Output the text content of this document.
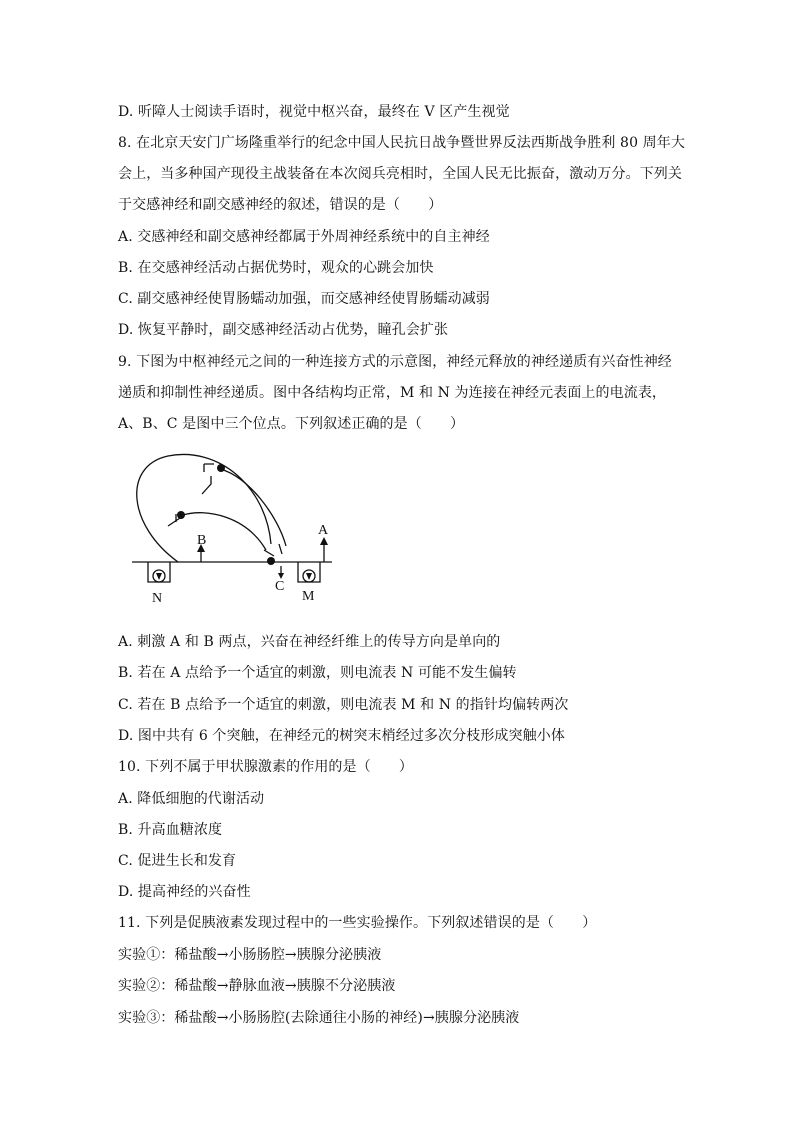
D. 听障人士阅读手语时，视觉中枢兴奋，最终在 V 区产生视觉
8. 在北京天安门广场隆重举行的纪念中国人民抗日战争暨世界反法西斯战争胜利 80 周年大
会上，当多种国产现役主战装备在本次阅兵亮相时，全国人民无比振奋，激动万分。下列关
于交感神经和副交感神经的叙述，错误的是（　　）
A. 交感神经和副交感神经都属于外周神经系统中的自主神经
B. 在交感神经活动占据优势时，观众的心跳会加快
C. 副交感神经使胃肠蠕动加强，而交感神经使胃肠蠕动减弱
D. 恢复平静时，副交感神经活动占优势，瞳孔会扩张
9. 下图为中枢神经元之间的一种连接方式的示意图，神经元释放的神经递质有兴奋性神经
递质和抑制性神经递质。图中各结构均正常，M 和 N 为连接在神经元表面上的电流表，
A、B、C 是图中三个位点。下列叙述正确的是（　　）
B
A
C
N	M
A. 刺激 A 和 B 两点，兴奋在神经纤维上的传导方向是单向的
B. 若在 A 点给予一个适宜的刺激，则电流表 N 可能不发生偏转
C. 若在 B 点给予一个适宜的刺激，则电流表 M 和 N 的指针均偏转两次
D. 图中共有 6 个突触，在神经元的树突末梢经过多次分枝形成突触小体
10. 下列不属于甲状腺激素的作用的是（　　）
A. 降低细胞的代谢活动
B. 升高血糖浓度
C. 促进生长和发育
D. 提高神经的兴奋性
11. 下列是促胰液素发现过程中的一些实验操作。下列叙述错误的是（　　）
实验①：稀盐酸→小肠肠腔→胰腺分泌胰液
实验②：稀盐酸→静脉血液→胰腺不分泌胰液
实验③：稀盐酸→小肠肠腔(去除通往小肠的神经)→胰腺分泌胰液
